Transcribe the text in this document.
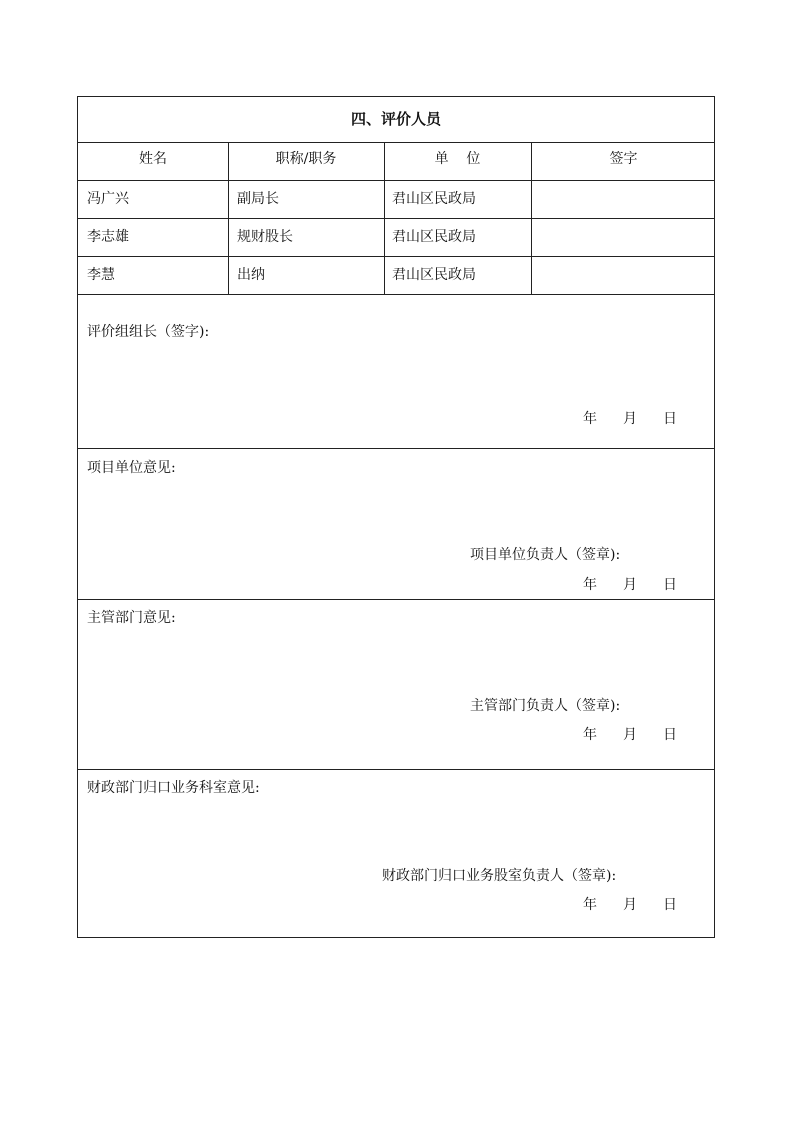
四、评价人员
姓名	职称/职务	单    位	签字
冯广兴	副局长	君山区民政局
李志雄	规财股长	君山区民政局
李慧	出纳	君山区民政局
评价组组长（签字):
年 月 日
项目单位意见:
项目单位负责人（签章):
年 月 日
主管部门意见:
主管部门负责人（签章):
年 月 日
财政部门归口业务科室意见:
财政部门归口业务股室负责人（签章):
年 月 日
